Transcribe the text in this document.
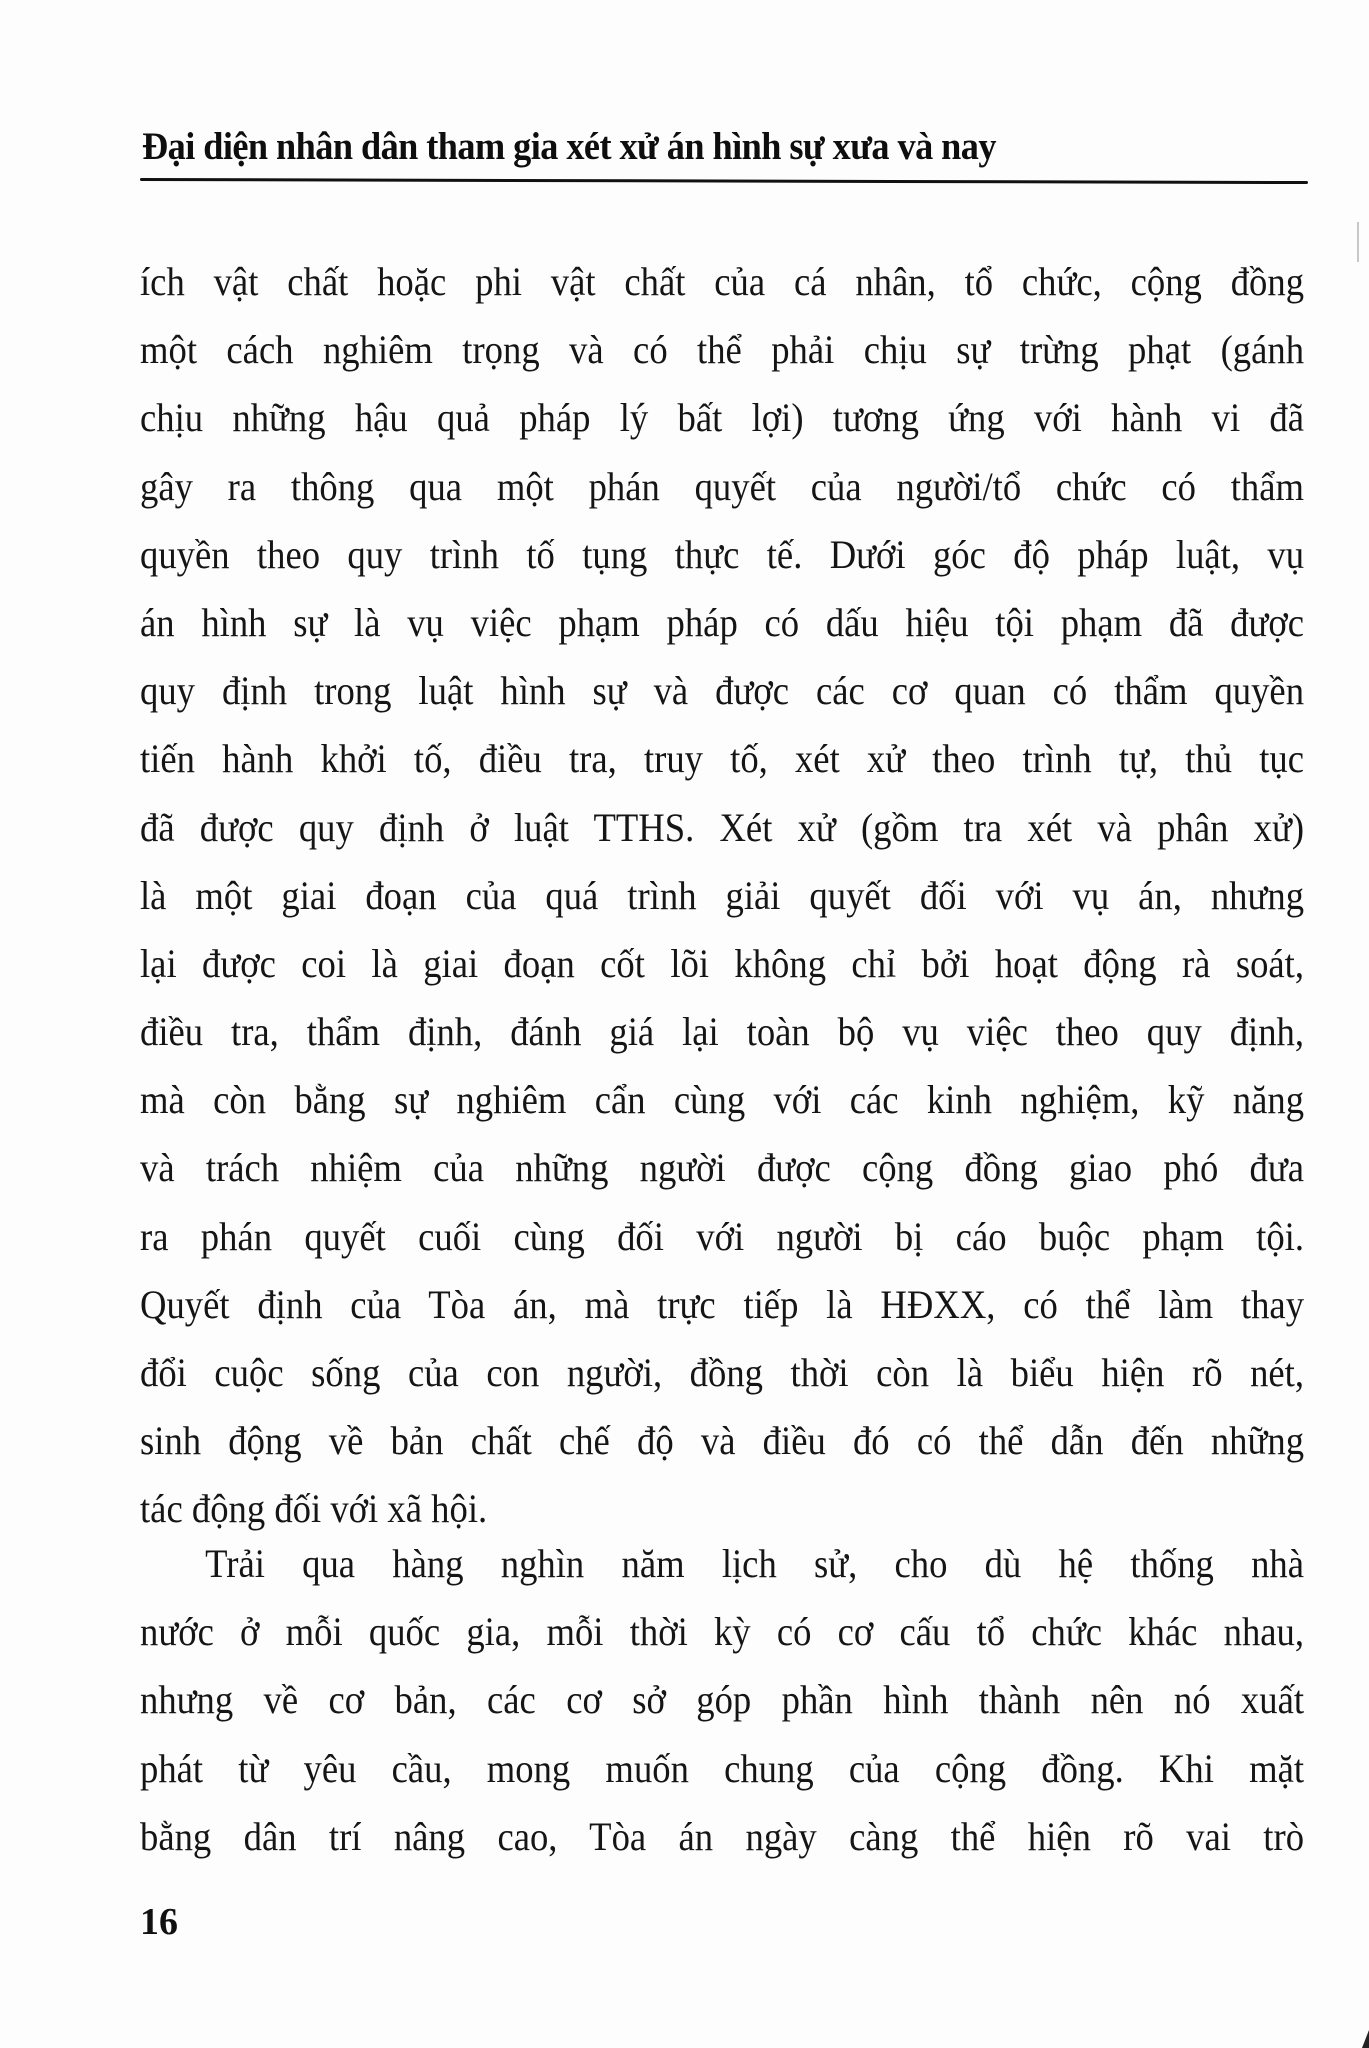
Đại diện nhân dân tham gia xét xử án hình sự xưa và nay
ích vật chất hoặc phi vật chất của cá nhân, tổ chức, cộng đồng
một cách nghiêm trọng và có thể phải chịu sự trừng phạt (gánh
chịu những hậu quả pháp lý bất lợi) tương ứng với hành vi đã
gây ra thông qua một phán quyết của người/tổ chức có thẩm
quyền theo quy trình tố tụng thực tế. Dưới góc độ pháp luật, vụ
án hình sự là vụ việc phạm pháp có dấu hiệu tội phạm đã được
quy định trong luật hình sự và được các cơ quan có thẩm quyền
tiến hành khởi tố, điều tra, truy tố, xét xử theo trình tự, thủ tục
đã được quy định ở luật TTHS. Xét xử (gồm tra xét và phân xử)
là một giai đoạn của quá trình giải quyết đối với vụ án, nhưng
lại được coi là giai đoạn cốt lõi không chỉ bởi hoạt động rà soát,
điều tra, thẩm định, đánh giá lại toàn bộ vụ việc theo quy định,
mà còn bằng sự nghiêm cẩn cùng với các kinh nghiệm, kỹ năng
và trách nhiệm của những người được cộng đồng giao phó đưa
ra phán quyết cuối cùng đối với người bị cáo buộc phạm tội.
Quyết định của Tòa án, mà trực tiếp là HĐXX, có thể làm thay
đổi cuộc sống của con người, đồng thời còn là biểu hiện rõ nét,
sinh động về bản chất chế độ và điều đó có thể dẫn đến những
tác động đối với xã hội.
Trải qua hàng nghìn năm lịch sử, cho dù hệ thống nhà
nước ở mỗi quốc gia, mỗi thời kỳ có cơ cấu tổ chức khác nhau,
nhưng về cơ bản, các cơ sở góp phần hình thành nên nó xuất
phát từ yêu cầu, mong muốn chung của cộng đồng. Khi mặt
bằng dân trí nâng cao, Tòa án ngày càng thể hiện rõ vai trò
16
